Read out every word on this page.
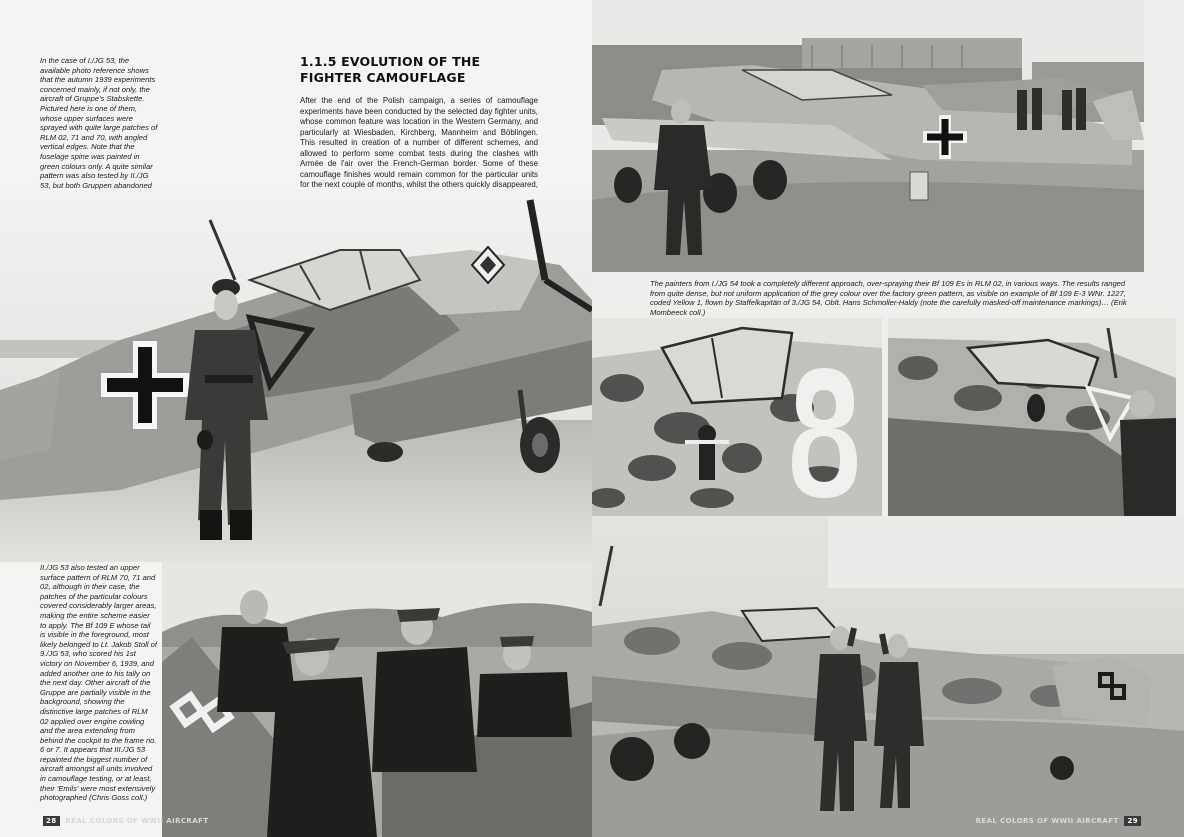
In the case of I./JG 53, the available photo reference shows that the autumn 1939 experiments concerned mainly, if not only, the aircraft of Gruppe's Stabskette. Pictured here is one of them, whose upper surfaces were sprayed with quite large patches of RLM 02, 71 and 70, with angled vertical edges. Note that the fuselage spine was painted in green colours only. A quite similar pattern was also tested by II./JG 53, but both Gruppen abandoned

1.1.5 EVOLUTION OF THE FIGHTER CAMOUFLAGE

After the end of the Polish campaign, a series of camouflage experiments have been conducted by the selected day fighter units, whose common feature was location in the Western Germany, and particularly at Wiesbaden, Kirchberg, Mannheim and Böblingen. This resulted in creation of a number of different schemes, and allowed to perform some combat tests during the clashes with Armée de l'air over the French-German border. Some of these camouflage finishes would remain common for the particular units for the next couple of months, whilst the others quickly disappeared,

II./JG 53 also tested an upper surface pattern of RLM 70, 71 and 02, although in their case, the patches of the particular colours covered considerably larger areas, making the entire scheme easier to apply. The Bf 109 E whose tail is visible in the foreground, most likely belonged to Lt. Jakob Stoll of 9./JG 53, who scored his 1st victory on November 6, 1939, and added another one to his tally on the next day. Other aircraft of the Gruppe are partially visible in the background, showing the distinctive large patches of RLM 02 applied over engine cowling and the area extending from behind the cockpit to the frame no. 6 or 7. It appears that III./JG 53 repainted the biggest number of aircraft amongst all units involved in camouflage testing, or at least, their 'Emils' were most extensively photographed (Chris Goss coll.)

28 REAL COLORS OF WWII AIRCRAFT

The painters from I./JG 54 took a completely different approach, over-spraying their Bf 109 Es in RLM 02, in various ways. The results ranged from quite dense, but not uniform application of the grey colour over the factory green pattern, as visible on example of Bf 109 E-3 WNr. 1227, coded Yellow 1, flown by Staffelkapitän of 3./JG 54, Oblt. Hans Schmoller-Haldy (note the carefully masked-off maintenance markings)… (Erik Mombeeck coll.)

REAL COLORS OF WWII AIRCRAFT 29
